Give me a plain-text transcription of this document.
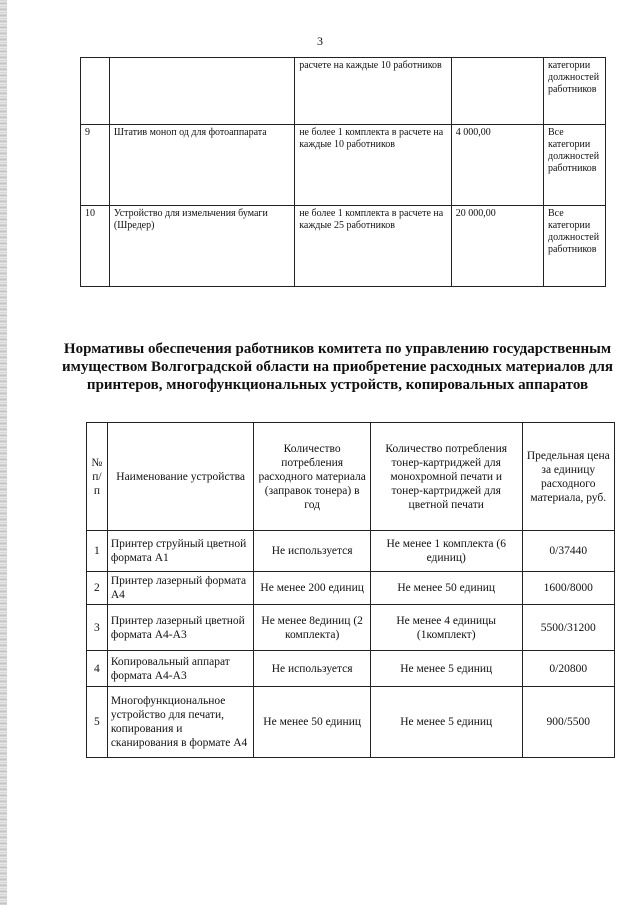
3
		расчете на каждые 10 работников		категории должностей работников
9	Штатив моноп од для фотоаппарата	не более 1 комплекта в расчете на каждые 10 работников	4 000,00	Все категории должностей работников
10	Устройство для измельчения бумаги (Шредер)	не более 1 комплекта в расчете на каждые 25 работников	20 000,00	Все категории должностей работников
Нормативы обеспечения работников комитета по управлению государственным имуществом Волгоградской области на приобретение расходных материалов для принтеров, многофункциональных устройств, копировальных аппаратов
№ п/п	Наименование устройства	Количество потребления расходного материала (заправок тонера) в год	Количество потребления тонер-картриджей для монохромной печати и тонер-картриджей для цветной печати	Предельная цена за единицу расходного материала, руб.
1	Принтер струйный цветной формата А1	Не используется	Не менее 1 комплекта (6 единиц)	0/37440
2	Принтер лазерный формата А4	Не менее 200 единиц	Не менее 50 единиц	1600/8000
3	Принтер лазерный цветной формата А4-А3	Не менее 8единиц (2 комплекта)	Не менее 4 единицы (1комплект)	5500/31200
4	Копировальный аппарат формата А4-А3	Не используется	Не менее 5 единиц	0/20800
5	Многофункциональное устройство для печати, копирования и сканирования в формате А4	Не менее 50 единиц	Не менее 5 единиц	900/5500
